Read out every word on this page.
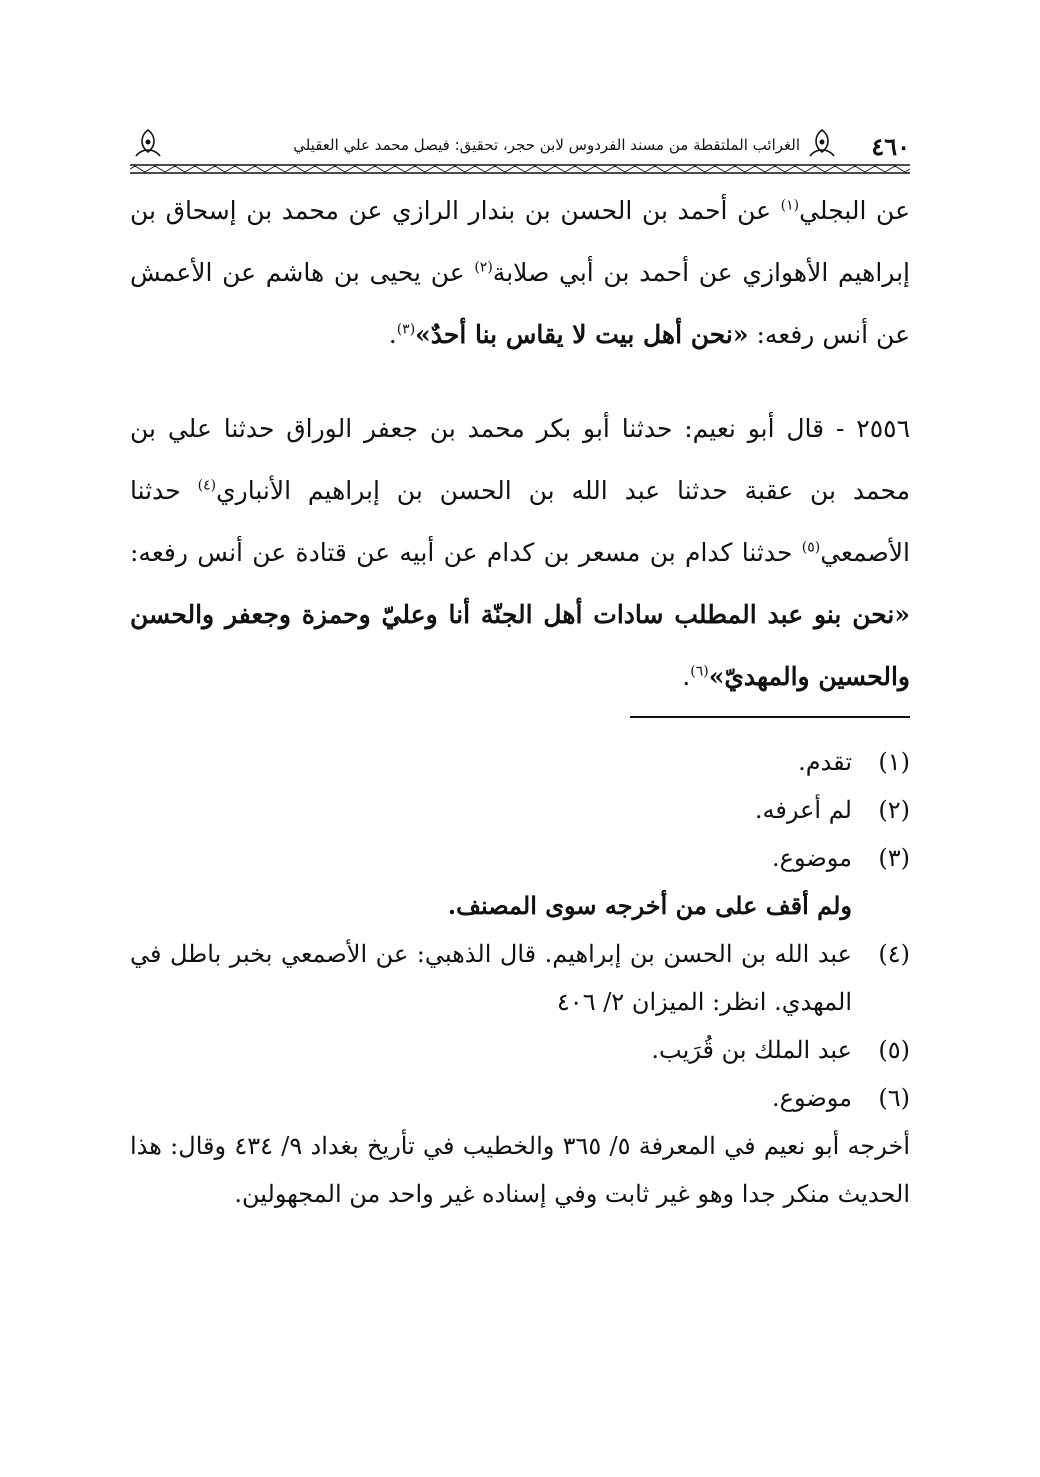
٤٦٠
الغرائب الملتقطة من مسند الفردوس لابن حجر، تحقيق: فيصل محمد علي العقيلي
عن البجلي$^{(١)}$ عن أحمد بن الحسن بن بندار الرازي عن محمد بن إسحاق بن إبراهيم الأهوازي عن أحمد بن أبي صلابة$^{(٢)}$ عن يحيى بن هاشم عن الأعمش عن أنس رفعه: «نحن أهل بيت لا يقاس بنا أحدٌ»$^{(٣)}$.
٢٥٥٦ - قال أبو نعيم: حدثنا أبو بكر محمد بن جعفر الوراق حدثنا علي بن محمد بن عقبة حدثنا عبد الله بن الحسن بن إبراهيم الأنباري$^{(٤)}$ حدثنا الأصمعي$^{(٥)}$ حدثنا كدام بن مسعر بن كدام عن أبيه عن قتادة عن أنس رفعه: «نحن بنو عبد المطلب سادات أهل الجنّة أنا وعليّ وحمزة وجعفر والحسن والحسين والمهديّ»$^{(٦)}$.
(١)
تقدم.
(٢)
لم أعرفه.
(٣)
موضوع.
ولم أقف على من أخرجه سوى المصنف.
(٤)
عبد الله بن الحسن بن إبراهيم. قال الذهبي: عن الأصمعي بخبر باطل في المهدي. انظر: الميزان ٢/ ٤٠٦
(٥)
عبد الملك بن قُرَيب.
(٦)
موضوع.
أخرجه أبو نعيم في المعرفة ٥/ ٣٦٥ والخطيب في تأريخ بغداد ٩/ ٤٣٤ وقال: هذا الحديث منكر جدا وهو غير ثابت وفي إسناده غير واحد من المجهولين.
